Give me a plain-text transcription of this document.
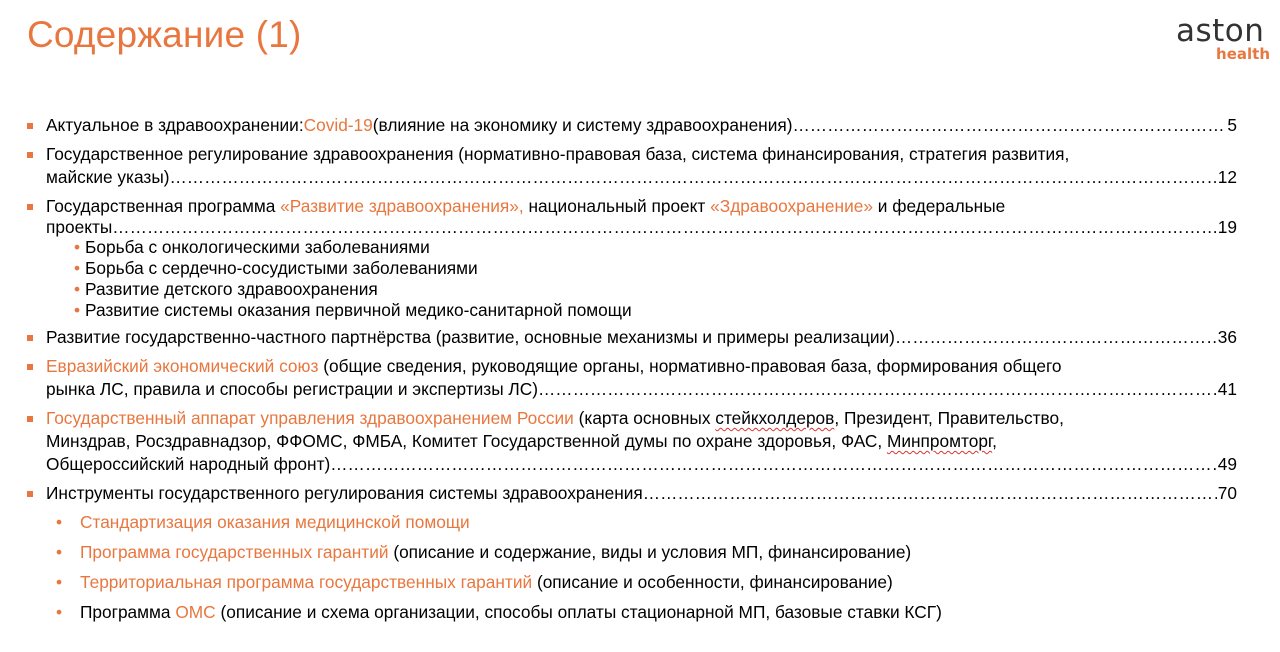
Содержание (1)	aston
health
Актуальное в здравоохранении: Covid-19 (влияние на экономику и систему здравоохранения) ………………………………………………………………………………………………………………………………………………………………………………………	5
Государственное регулирование здравоохранения (нормативно-правовая база, система финансирования, стратегия развития,
майские указы) ………………………………………………………………………………………………………………………………………………………………………………………	12
Государственная программа «Развитие здравоохранения», национальный проект «Здравоохранение» и федеральные
проекты ………………………………………………………………………………………………………………………………………………………………………………………	19
• Борьба с онкологическими заболеваниями
• Борьба с сердечно-сосудистыми заболеваниями
• Развитие детского здравоохранения
• Развитие системы оказания первичной медико-санитарной помощи
Развитие государственно-частного партнёрства (развитие, основные механизмы и примеры реализации) ………………………………………………………………………………………………………………………………………………………………………………………	36
Евразийский экономический союз (общие сведения, руководящие органы, нормативно-правовая база, формирования общего
рынка ЛС, правила и способы регистрации и экспертизы ЛС) ………………………………………………………………………………………………………………………………………………………………………………………	41
Государственный аппарат управления здравоохранением России (карта основных стейкхолдеров, Президент, Правительство,
Минздрав, Росздравнадзор, ФФОМС, ФМБА, Комитет Государственной думы по охране здоровья, ФАС, Минпромторг,
Общероссийский народный фронт) ………………………………………………………………………………………………………………………………………………………………………………………	49
Инструменты государственного регулирования системы здравоохранения ………………………………………………………………………………………………………………………………………………………………………………………	70
• Стандартизация оказания медицинской помощи
• Программа государственных гарантий (описание и содержание, виды и условия МП, финансирование)
• Территориальная программа государственных гарантий (описание и особенности, финансирование)
• Программа ОМС (описание и схема организации, способы оплаты стационарной МП, базовые ставки КСГ)
